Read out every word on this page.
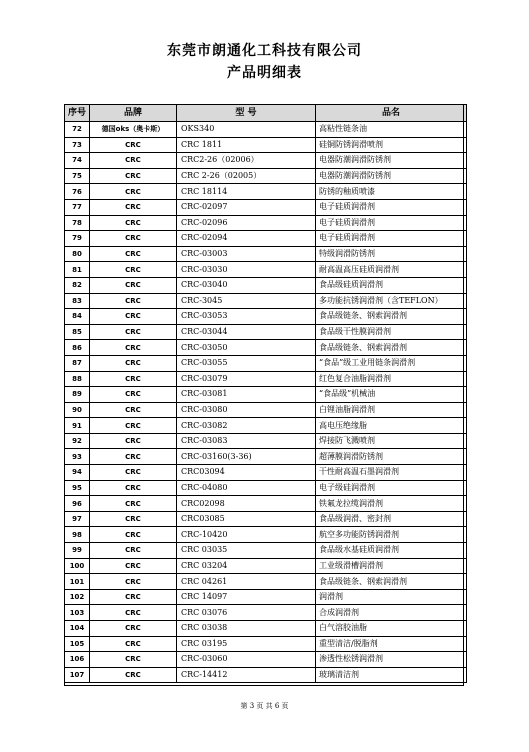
东莞市朗通化工科技有限公司
产品明细表
序号	品牌	型 号	品名
72	德国oks（奥卡斯）	OKS340	高粘性链条油
73	CRC	CRC 1811	硅铜防锈润滑喷剂
74	CRC	CRC2-26（02006）	电器防潮润滑防锈剂
75	CRC	CRC 2-26（02005）	电器防潮润滑防锈剂
76	CRC	CRC 18114	防锈的釉质喷漆
77	CRC	CRC-02097	电子硅质润滑剂
78	CRC	CRC-02096	电子硅质润滑剂
79	CRC	CRC-02094	电子硅质润滑剂
80	CRC	CRC-03003	特级润滑防锈剂
81	CRC	CRC-03030	耐高温高压硅质润滑剂
82	CRC	CRC-03040	食品级硅质润滑剂
83	CRC	CRC-3045	多功能抗锈润滑剂（含TEFLON）
84	CRC	CRC-03053	食品级链条、钢索润滑剂
85	CRC	CRC-03044	食品级干性膜润滑剂
86	CRC	CRC-03050	食品级链条、钢索润滑剂
87	CRC	CRC-03055	“食品”级工业用链条润滑剂
88	CRC	CRC-03079	红色复合油脂润滑剂
89	CRC	CRC-03081	“食品级”机械油
90	CRC	CRC-03080	白锂油脂润滑剂
91	CRC	CRC-03082	高电压绝缘脂
92	CRC	CRC-03083	焊接防飞溅喷剂
93	CRC	CRC-03160(3-36)	超薄膜润滑防锈剂
94	CRC	CRC03094	干性耐高温石墨润滑剂
95	CRC	CRC-04080	电子级硅润滑剂
96	CRC	CRC02098	铁氟龙拉缆润滑剂
97	CRC	CRC03085	食品级润滑、密封剂
98	CRC	CRC-10420	航空多功能防锈润滑剂
99	CRC	CRC 03035	食品级水基硅质润滑剂
100	CRC	CRC 03204	工业级滑槽润滑剂
101	CRC	CRC 04261	食品级链条、钢索润滑剂
102	CRC	CRC 14097	润滑剂
103	CRC	CRC 03076	合成润滑剂
104	CRC	CRC 03038	白气溶胶油脂
105	CRC	CRC 03195	重型清洁/脱脂剂
106	CRC	CRC-03060	渗透性松锈润滑剂
107	CRC	CRC-14412	玻璃清洁剂
第 3 页 共 6 页
